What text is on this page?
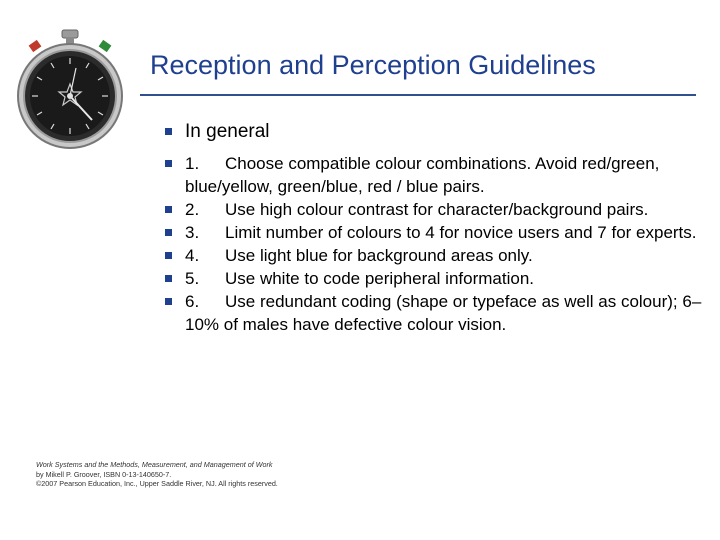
Reception and Perception Guidelines
In general
1. Choose compatible colour combinations. Avoid red/green, blue/yellow, green/blue, red / blue pairs.
2. Use high colour contrast for character/background pairs.
3. Limit number of colours to 4 for novice users and 7 for experts.
4. Use light blue for background areas only.
5. Use white to code peripheral information.
6. Use redundant coding (shape or typeface as well as colour); 6–10% of males have defective colour vision.
Work Systems and the Methods, Measurement, and Management of Work
by Mikell P. Groover, ISBN 0-13-140650-7.
©2007 Pearson Education, Inc., Upper Saddle River, NJ. All rights reserved.
